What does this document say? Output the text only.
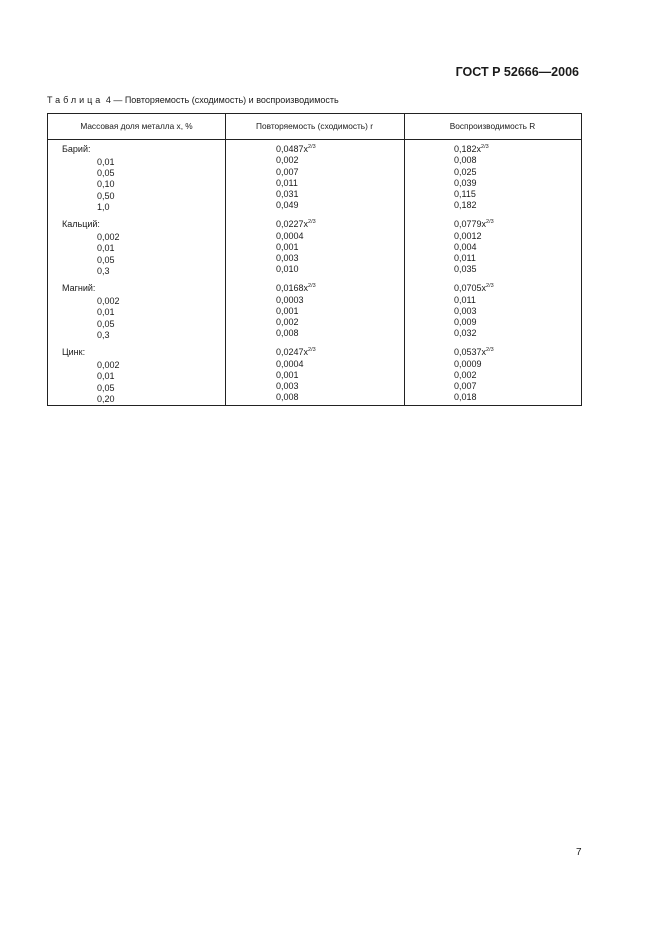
ГОСТ Р 52666—2006
Таблица 4 — Повторяемость (сходимость) и воспроизводимость
Массовая доля металла x, %	Повторяемость (сходимость) r	Воспроизводимость R
Барий:	$0,0487x^{2/3}$	$0,182x^{2/3}$
0,01	0,002	0,008
0,05	0,007	0,025
0,10	0,011	0,039
0,50	0,031	0,115
1,0	0,049	0,182
Кальций:	$0,0227x^{2/3}$	$0,0779x^{2/3}$
0,002	0,0004	0,0012
0,01	0,001	0,004
0,05	0,003	0,011
0,3	0,010	0,035
Магний:	$0,0168x^{2/3}$	$0,0705x^{2/3}$
0,002	0,0003	0,011
0,01	0,001	0,003
0,05	0,002	0,009
0,3	0,008	0,032
Цинк:	$0,0247x^{2/3}$	$0,0537x^{2/3}$
0,002	0,0004	0,0009
0,01	0,001	0,002
0,05	0,003	0,007
0,20	0,008	0,018
7
